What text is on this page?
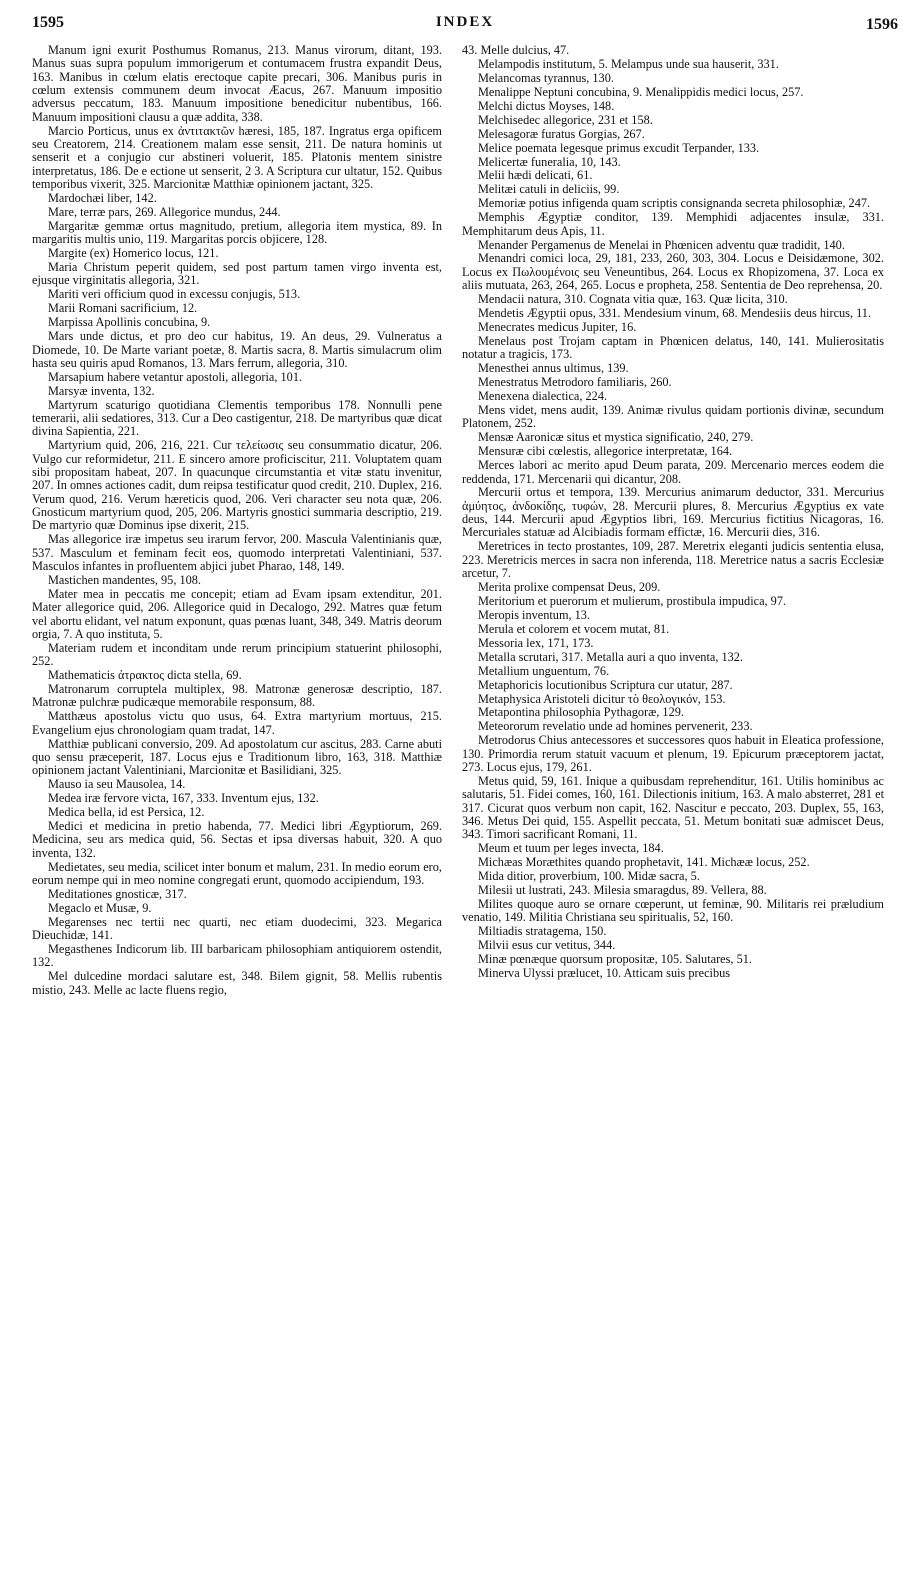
INDEX
1595	1596

Manum igni exurit Posthumus Romanus, 213. Manus virorum, ditant, 193. Manus suas supra populum immorigerum et contumacem frustra expandit Deus, 163. Manibus in cœlum elatis erectoque capite precari, 306. Manibus puris in cœlum extensis communem deum invocat Æacus, 267. Manuum impositio adversus peccatum, 183. Manuum impositione benedicitur nubentibus, 166. Manuum impositioni clausu a quæ addita, 338.

Marcio Porticus, unus ex ἀντιτακτῶν hæresi, 185, 187. Ingratus erga opificem seu Creatorem, 214. Creationem malam esse sensit, 211. De natura hominis ut senserit et a conjugio cur abstineri voluerit, 185. Platonis mentem sinistre interpretatus, 186. De e ectione ut senserit, 2 3. A Scriptura cur ultatur, 152. Quibus temporibus vixerit, 325. Marcionitæ Matthiæ opinionem jactant, 325.

Mardochæi liber, 142.

Mare, terræ pars, 269. Allegorice mundus, 244.

Margaritæ gemmæ ortus magnitudo, pretium, allegoria item mystica, 89. In margaritis multis unio, 119. Margaritas porcis objicere, 128.

Margite (ex) Homerico locus, 121.

Maria Christum peperit quidem, sed post partum tamen virgo inventa est, ejusque virginitatis allegoria, 321.

Mariti veri officium quod in excessu conjugis, 513.

Marii Romani sacrificium, 12.

Marpissa Apollinis concubina, 9.

Mars unde dictus, et pro deo cur habitus, 19. An deus, 29. Vulneratus a Diomede, 10. De Marte variant poetæ, 8. Martis sacra, 8. Martis simulacrum olim hasta seu quiris apud Romanos, 13. Mars ferrum, allegoria, 310.

Marsapium habere vetantur apostoli, allegoria, 101.

Marsyæ inventa, 132.

Martyrum scaturigo quotidiana Clementis temporibus 178. Nonnulli pene temerarii, alii sedatiores, 313. Cur a Deo castigentur, 218. De martyribus quæ dicat divina Sapientia, 221.

Martyrium quid, 206, 216, 221. Cur τελείωσις seu consummatio dicatur, 206. Vulgo cur reformidetur, 211. E sincero amore proficiscitur, 211. Voluptatem quam sibi propositam habeat, 207. In quacunque circumstantia et vitæ statu invenitur, 207. In omnes actiones cadit, dum reipsa testificatur quod credit, 210. Duplex, 216. Verum quod, 216. Verum hæreticis quod, 206. Veri character seu nota quæ, 206. Gnosticum martyrium quod, 205, 206. Martyris gnostici summaria descriptio, 219. De martyrio quæ Dominus ipse dixerit, 215.

Mas allegorice iræ impetus seu irarum fervor, 200. Mascula Valentinianis quæ, 537. Masculum et feminam fecit eos, quomodo interpretati Valentiniani, 537. Masculos infantes in profluentem abjici jubet Pharao, 148, 149.

Mastichen mandentes, 95, 108.

Mater mea in peccatis me concepit; etiam ad Evam ipsam extenditur, 201. Mater allegorice quid, 206. Allegorice quid in Decalogo, 292. Matres quæ fetum vel abortu elidant, vel natum exponunt, quas pœnas luant, 348, 349. Matris deorum orgia, 7. A quo instituta, 5.

Materiam rudem et inconditam unde rerum principium statuerint philosophi, 252.

Mathematicis ἀτρακτος dicta stella, 69.

Matronarum corruptela multiplex, 98. Matronæ generosæ descriptio, 187. Matronæ pulchræ pudicæque memorabile responsum, 88.

Matthæus apostolus victu quo usus, 64. Extra martyrium mortuus, 215. Evangelium ejus chronologiam quam tradat, 147.

Matthiæ publicani conversio, 209. Ad apostolatum cur ascitus, 283. Carne abuti quo sensu præceperit, 187. Locus ejus e Traditionum libro, 163, 318. Matthiæ opinionem jactant Valentiniani, Marcionitæ et Basilidiani, 325.

Mauso ia seu Mausolea, 14.

Medea iræ fervore victa, 167, 333. Inventum ejus, 132.

Medica bella, id est Persica, 12.

Medici et medicina in pretio habenda, 77. Medici libri Ægyptiorum, 269. Medicina, seu ars medica quid, 56. Sectas et ipsa diversas habuit, 320. A quo inventa, 132.

Medietates, seu media, scilicet inter bonum et malum, 231. In medio eorum ero, eorum nempe qui in meo nomine congregati erunt, quomodo accipiendum, 193.

Meditationes gnosticæ, 317.

Megaclo et Musæ, 9.

Megarenses nec tertii nec quarti, nec etiam duodecimi, 323. Megarica Dieuchidæ, 141.

Megasthenes Indicorum lib. III barbaricam philosophiam antiquiorem ostendit, 132.

Mel dulcedine mordaci salutare est, 348. Bilem gignit, 58. Mellis rubentis mistio, 243. Melle ac lacte fluens regio,

43. Melle dulcius, 47.

Melampodis institutum, 5. Melampus unde sua hauserit, 331.

Melancomas tyrannus, 130.

Menalippe Neptuni concubina, 9. Menalippidis medici locus, 257.

Melchi dictus Moyses, 148.

Melchisedec allegorice, 231 et 158.

Melesagoræ furatus Gorgias, 267.

Melice poemata legesque primus excudit Terpander, 133.

Melicertæ funeralia, 10, 143.

Melii hædi delicati, 61.

Melitæi catuli in deliciis, 99.

Memoriæ potius infigenda quam scriptis consignanda secreta philosophiæ, 247.

Memphis Ægyptiæ conditor, 139. Memphidi adjacentes insulæ, 331. Memphitarum deus Apis, 11.

Menander Pergamenus de Menelai in Phœnicen adventu quæ tradidit, 140.

Menandri comici loca, 29, 181, 233, 260, 303, 304. Locus e Deisidæmone, 302. Locus ex Πωλουμένοις seu Veneuntibus, 264. Locus ex Rhopizomena, 37. Loca ex aliis mutuata, 263, 264, 265. Locus e propheta, 258. Sententia de Deo reprehensa, 20.

Mendacii natura, 310. Cognata vitia quæ, 163. Quæ licita, 310.

Mendetis Ægyptii opus, 331. Mendesium vinum, 68. Mendesiis deus hircus, 11.

Menecrates medicus Jupiter, 16.

Menelaus post Trojam captam in Phœnicen delatus, 140, 141. Mulierositatis notatur a tragicis, 173.

Menesthei annus ultimus, 139.

Menestratus Metrodoro familiaris, 260.

Menexena dialectica, 224.

Mens videt, mens audit, 139. Animæ rivulus quidam portionis divinæ, secundum Platonem, 252.

Mensæ Aaronicæ situs et mystica significatio, 240, 279.

Mensuræ cibi cœlestis, allegorice interpretatæ, 164.

Merces labori ac merito apud Deum parata, 209. Mercenario merces eodem die reddenda, 171. Mercenarii qui dicantur, 208.

Mercurii ortus et tempora, 139. Mercurius animarum deductor, 331. Mercurius ἀμύητος, ἀνδοκίδης, τυφών, 28. Mercurii plures, 8. Mercurius Ægyptius ex vate deus, 144. Mercurii apud Ægyptios libri, 169. Mercurius fictitius Nicagoras, 16. Mercuriales statuæ ad Alcibiadis formam effictæ, 16. Mercurii dies, 316.

Meretrices in tecto prostantes, 109, 287. Meretrix eleganti judicis sententia elusa, 223. Meretricis merces in sacra non inferenda, 118. Meretrice natus a sacris Ecclesiæ arcetur, 7.

Merita prolixe compensat Deus, 209.

Meritorium et puerorum et mulierum, prostibula impudica, 97.

Meropis inventum, 13.

Merula et colorem et vocem mutat, 81.

Messoria lex, 171, 173.

Metalla scrutari, 317. Metalla auri a quo inventa, 132.

Metallium unguentum, 76.

Metaphoricis locutionibus Scriptura cur utatur, 287.

Metaphysica Aristoteli dicitur τὸ θεολογικόν, 153.

Metapontina philosophia Pythagoræ, 129.

Meteororum revelatio unde ad homines pervenerit, 233.

Metrodorus Chius antecessores et successores quos habuit in Eleatica professione, 130. Primordia rerum statuit vacuum et plenum, 19. Epicurum præceptorem jactat, 273. Locus ejus, 179, 261.

Metus quid, 59, 161. Inique a quibusdam reprehenditur, 161. Utilis hominibus ac salutaris, 51. Fidei comes, 160, 161. Dilectionis initium, 163. A malo absterret, 281 et 317. Cicurat quos verbum non capit, 162. Nascitur e peccato, 203. Duplex, 55, 163, 346. Metus Dei quid, 155. Aspellit peccata, 51. Metum bonitati suæ admiscet Deus, 343. Timori sacrificant Romani, 11.

Meum et tuum per leges invecta, 184.

Michæas Moræthites quando prophetavit, 141. Michææ locus, 252.

Mida ditior, proverbium, 100. Midæ sacra, 5.

Milesii ut lustrati, 243. Milesia smaragdus, 89. Vellera, 88.

Milites quoque auro se ornare cœperunt, ut feminæ, 90. Militaris rei præludium venatio, 149. Militia Christiana seu spiritualis, 52, 160.

Miltiadis stratagema, 150.

Milvii esus cur vetitus, 344.

Minæ pœnæque quorsum propositæ, 105. Salutares, 51.

Minerva Ulyssi prælucet, 10. Atticam suis precibus
